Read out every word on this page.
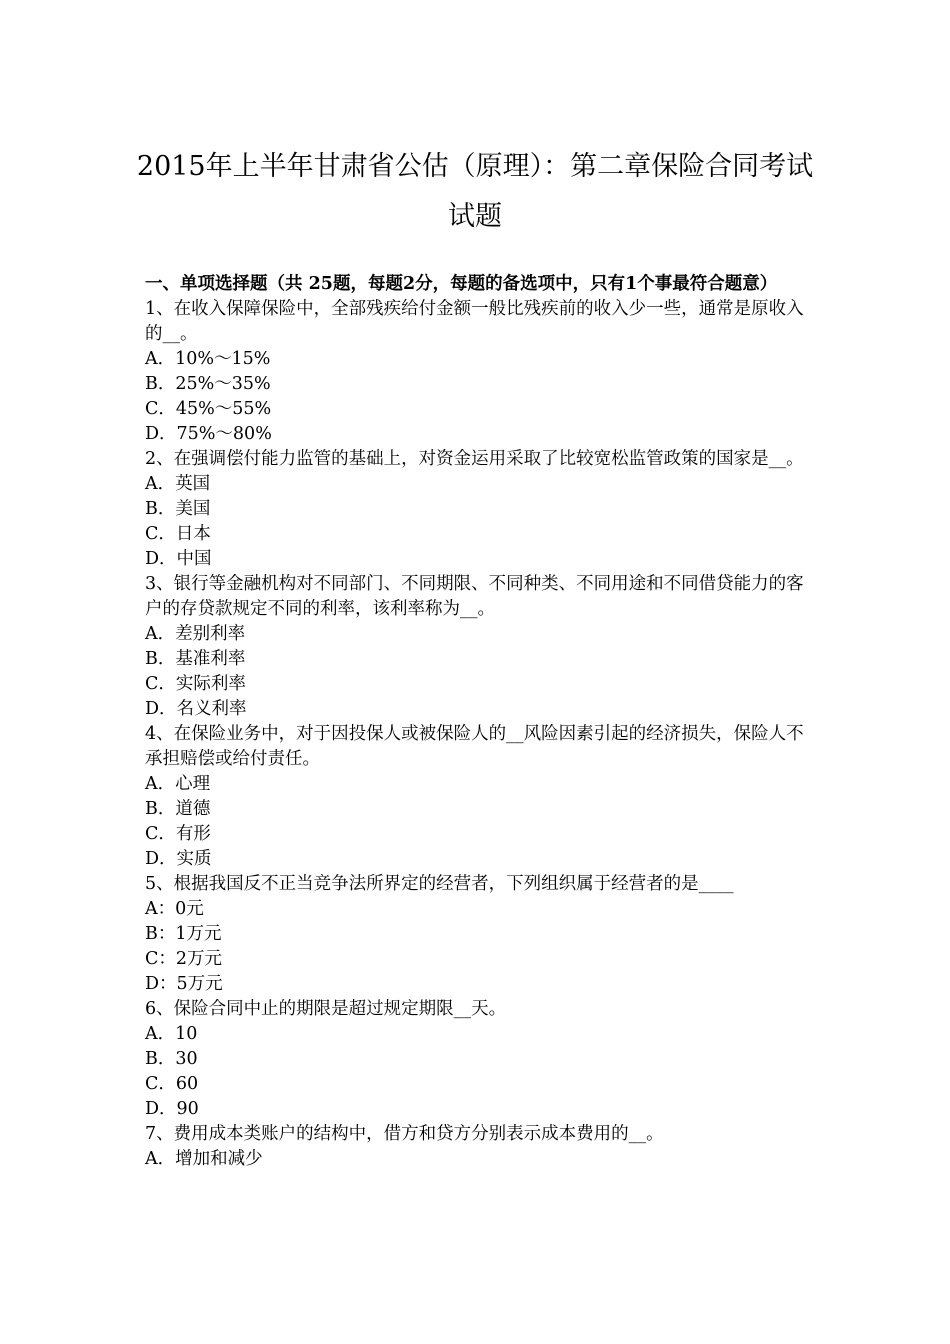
2015年上半年甘肃省公估（原理）：第二章保险合同考试
试题
一、单项选择题（共 25题，每题2分，每题的备选项中，只有1个事最符合题意）

1、在收入保障保险中，全部残疾给付金额一般比残疾前的收入少一些，通常是原收入的__。

A．10%～15%

B．25%～35%

C．45%～55%

D．75%～80%

2、在强调偿付能力监管的基础上，对资金运用采取了比较宽松监管政策的国家是__。

A．英国

B．美国

C．日本

D．中国

3、银行等金融机构对不同部门、不同期限、不同种类、不同用途和不同借贷能力的客户的存贷款规定不同的利率，该利率称为__。

A．差别利率

B．基准利率

C．实际利率

D．名义利率

4、在保险业务中，对于因投保人或被保险人的__风险因素引起的经济损失，保险人不承担赔偿或给付责任。

A．心理

B．道德

C．有形

D．实质

5、根据我国反不正当竞争法所界定的经营者，下列组织属于经营者的是____

A：0元

B：1万元

C：2万元

D：5万元

6、保险合同中止的期限是超过规定期限__天。

A．10

B．30

C．60

D．90

7、费用成本类账户的结构中，借方和贷方分别表示成本费用的__。

A．增加和减少
